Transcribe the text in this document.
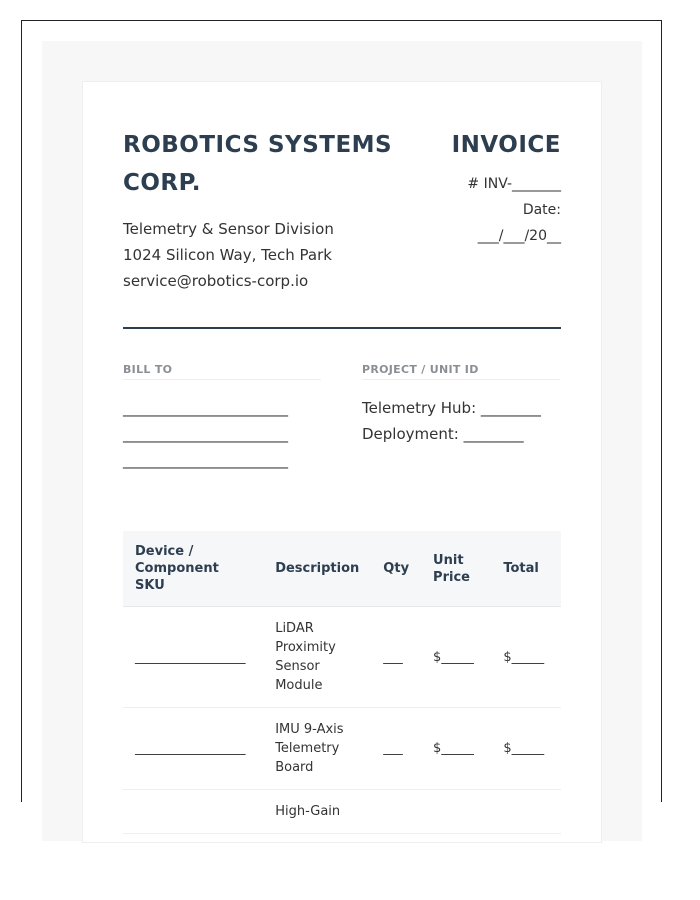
ROBOTICS SYSTEMS CORP.
Telemetry & Sensor Division
1024 Silicon Way, Tech Park
service@robotics-corp.io
INVOICE
# INV-_______
Date:
___/___/20__
BILL TO
______________________
______________________
______________________
PROJECT / UNIT ID
Telemetry Hub: ________
Deployment: ________
Device / Component SKU	Description	Qty	Unit Price	Total
_________________	LiDAR Proximity Sensor Module	___	$_____	$_____
_________________	IMU 9-Axis Telemetry Board	___	$_____	$_____
	High-Gain			
